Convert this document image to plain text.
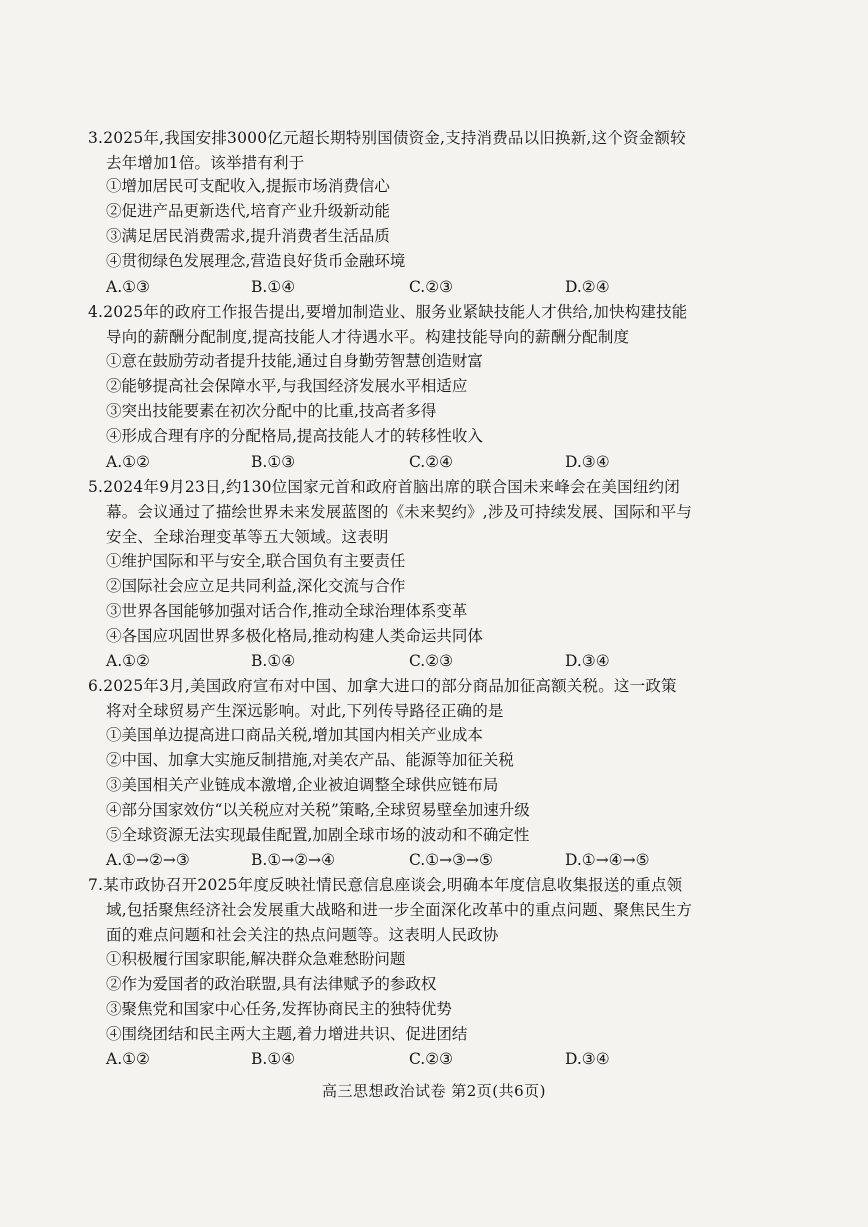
3.2025年,我国安排3000亿元超长期特别国债资金,支持消费品以旧换新,这个资金额较
去年增加1倍。该举措有利于
①增加居民可支配收入,提振市场消费信心
②促进产品更新迭代,培育产业升级新动能
③满足居民消费需求,提升消费者生活品质
④贯彻绿色发展理念,营造良好货币金融环境
A.①③	B.①④	C.②③	D.②④
4.2025年的政府工作报告提出,要增加制造业、服务业紧缺技能人才供给,加快构建技能
导向的薪酬分配制度,提高技能人才待遇水平。构建技能导向的薪酬分配制度
①意在鼓励劳动者提升技能,通过自身勤劳智慧创造财富
②能够提高社会保障水平,与我国经济发展水平相适应
③突出技能要素在初次分配中的比重,技高者多得
④形成合理有序的分配格局,提高技能人才的转移性收入
A.①②	B.①③	C.②④	D.③④
5.2024年9月23日,约130位国家元首和政府首脑出席的联合国未来峰会在美国纽约闭
幕。会议通过了描绘世界未来发展蓝图的《未来契约》,涉及可持续发展、国际和平与
安全、全球治理变革等五大领域。这表明
①维护国际和平与安全,联合国负有主要责任
②国际社会应立足共同利益,深化交流与合作
③世界各国能够加强对话合作,推动全球治理体系变革
④各国应巩固世界多极化格局,推动构建人类命运共同体
A.①②	B.①④	C.②③	D.③④
6.2025年3月,美国政府宣布对中国、加拿大进口的部分商品加征高额关税。这一政策
将对全球贸易产生深远影响。对此,下列传导路径正确的是
①美国单边提高进口商品关税,增加其国内相关产业成本
②中国、加拿大实施反制措施,对美农产品、能源等加征关税
③美国相关产业链成本激增,企业被迫调整全球供应链布局
④部分国家效仿“以关税应对关税”策略,全球贸易壁垒加速升级
⑤全球资源无法实现最佳配置,加剧全球市场的波动和不确定性
A.①→②→③	B.①→②→④	C.①→③→⑤	D.①→④→⑤
7.某市政协召开2025年度反映社情民意信息座谈会,明确本年度信息收集报送的重点领
域,包括聚焦经济社会发展重大战略和进一步全面深化改革中的重点问题、聚焦民生方
面的难点问题和社会关注的热点问题等。这表明人民政协
①积极履行国家职能,解决群众急难愁盼问题
②作为爱国者的政治联盟,具有法律赋予的参政权
③聚焦党和国家中心任务,发挥协商民主的独特优势
④围绕团结和民主两大主题,着力增进共识、促进团结
A.①②	B.①④	C.②③	D.③④
高三思想政治试卷 第2页(共6页)
